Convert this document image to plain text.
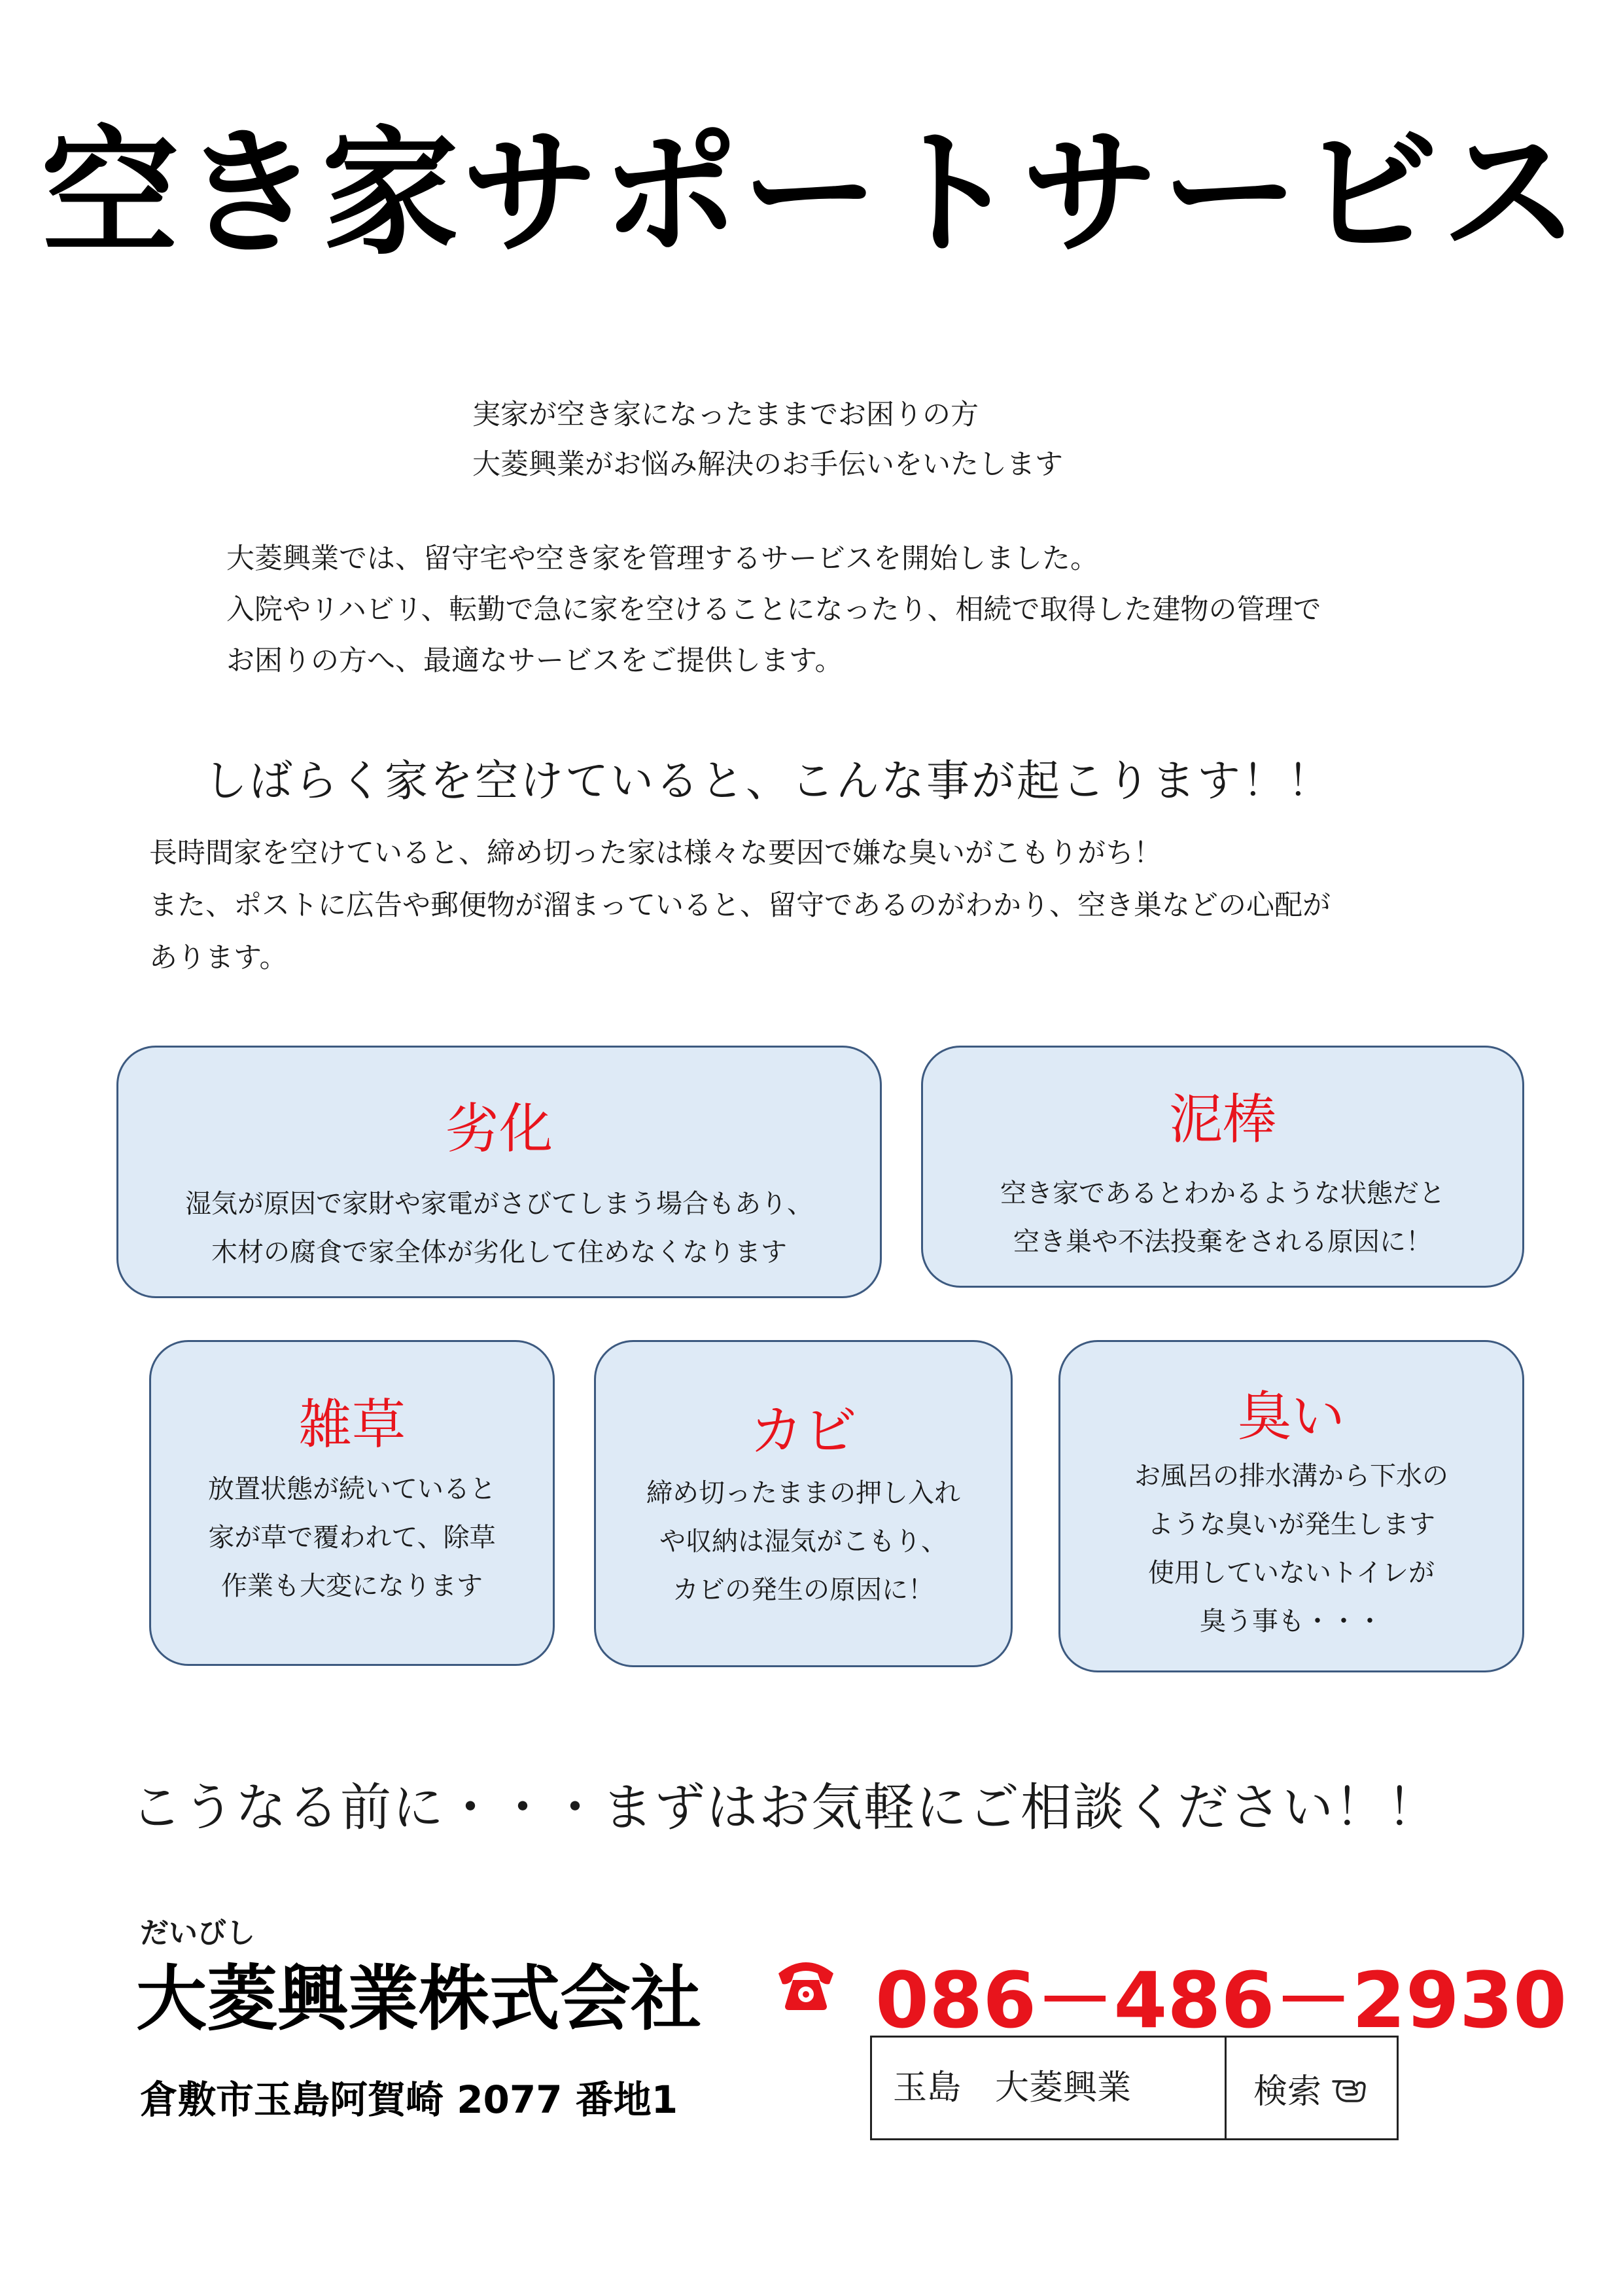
空き家サポートサービス
実家が空き家になったままでお困りの方
大菱興業がお悩み解決のお手伝いをいたします
大菱興業では、留守宅や空き家を管理するサービスを開始しました。
入院やリハビリ、転勤で急に家を空けることになったり、相続で取得した建物の管理で
お困りの方へ、最適なサービスをご提供します。
しばらく家を空けていると、こんな事が起こります！！
長時間家を空けていると、締め切った家は様々な要因で嫌な臭いがこもりがち！
また、ポストに広告や郵便物が溜まっていると、留守であるのがわかり、空き巣などの心配が
あります。
劣化
湿気が原因で家財や家電がさびてしまう場合もあり、
木材の腐食で家全体が劣化して住めなくなります
泥棒
空き家であるとわかるような状態だと
空き巣や不法投棄をされる原因に！
雑草
放置状態が続いていると
家が草で覆われて、除草
作業も大変になります
カビ
締め切ったままの押し入れ
や収納は湿気がこもり、
カビの発生の原因に！
臭い
お風呂の排水溝から下水の
ような臭いが発生します
使用していないトイレが
臭う事も・・・
こうなる前に・・・まずはお気軽にご相談ください！！
だいびし
大菱興業株式会社 086－486－2930
倉敷市玉島阿賀崎 2077 番地1	玉島　大菱興業	検索
